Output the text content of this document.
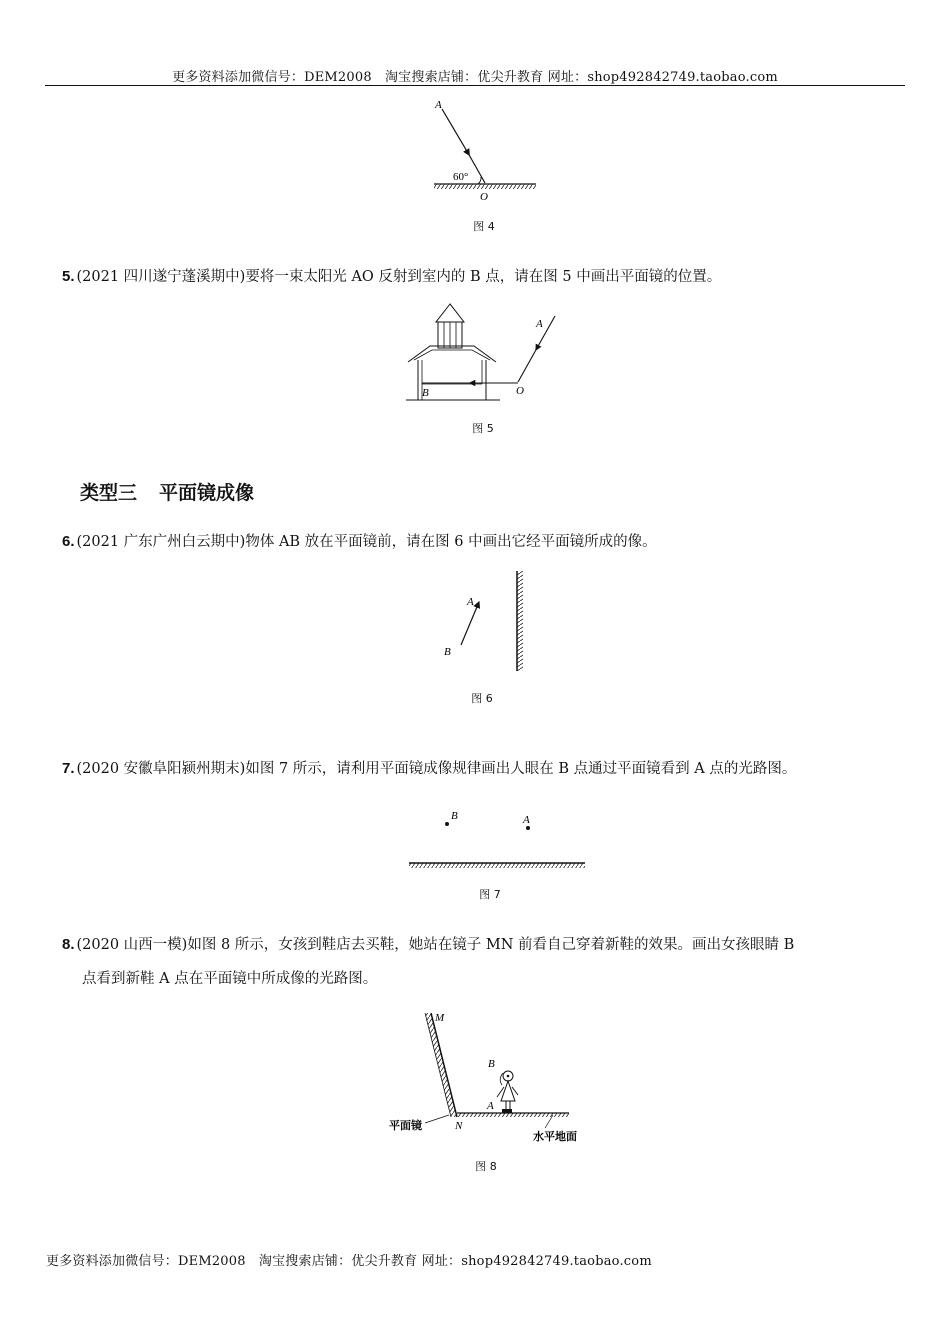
更多资料添加微信号：DEM2008　淘宝搜索店铺：优尖升教育 网址：shop492842749.taobao.com
A
60°
O
图 4
5. (2021 四川遂宁蓬溪期中)要将一束太阳光 AO 反射到室内的 B 点，请在图 5 中画出平面镜的位置。
A
B	O
图 5
类型三 平面镜成像
6. (2021 广东广州白云期中)物体 AB 放在平面镜前，请在图 6 中画出它经平面镜所成的像。
A
B
图 6
7. (2020 安徽阜阳颍州期末)如图 7 所示，请利用平面镜成像规律画出人眼在 B 点通过平面镜看到 A 点的光路图。
B	A
图 7
8. (2020 山西一模)如图 8 所示，女孩到鞋店去买鞋，她站在镜子 MN 前看自己穿着新鞋的效果。画出女孩眼睛 B
点看到新鞋 A 点在平面镜中所成像的光路图。
M
B
A
N
平面镜
水平地面
图 8
更多资料添加微信号：DEM2008　淘宝搜索店铺：优尖升教育 网址：shop492842749.taobao.com
